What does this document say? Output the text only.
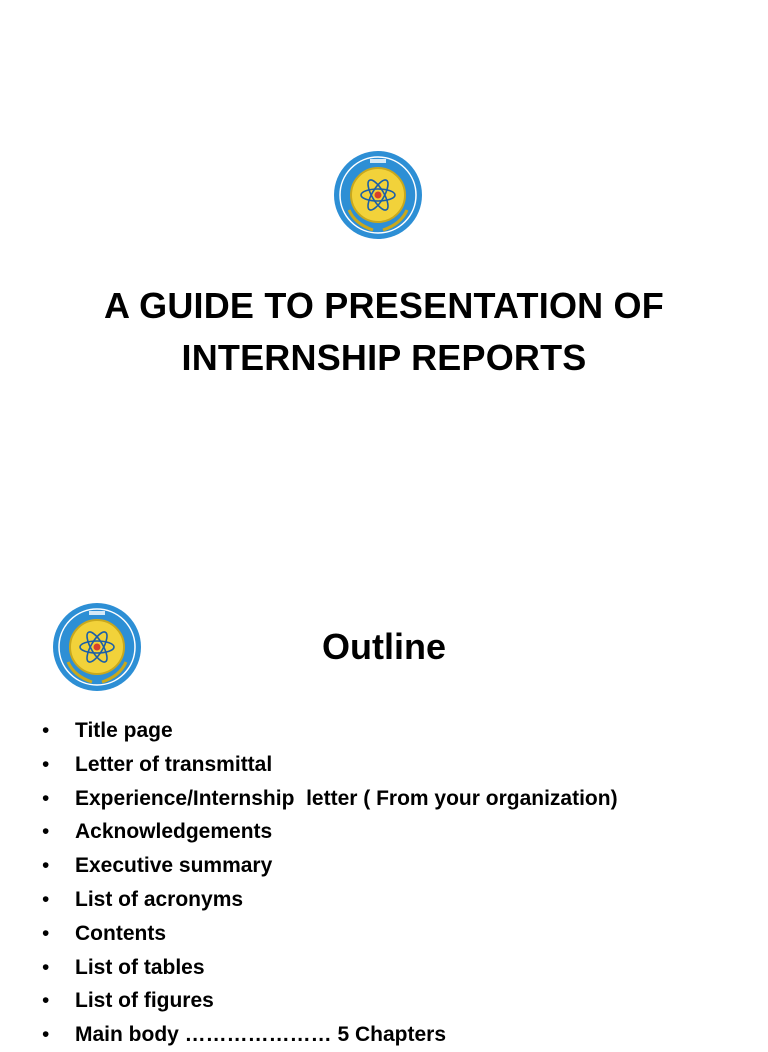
A GUIDE TO PRESENTATION OF
INTERNSHIP REPORTS
Outline
• Title page
• Letter of transmittal
• Experience/Internship  letter ( From your organization)
• Acknowledgements
• Executive summary
• List of acronyms
• Contents
• List of tables
• List of figures
• Main body ………………… 5 Chapters
